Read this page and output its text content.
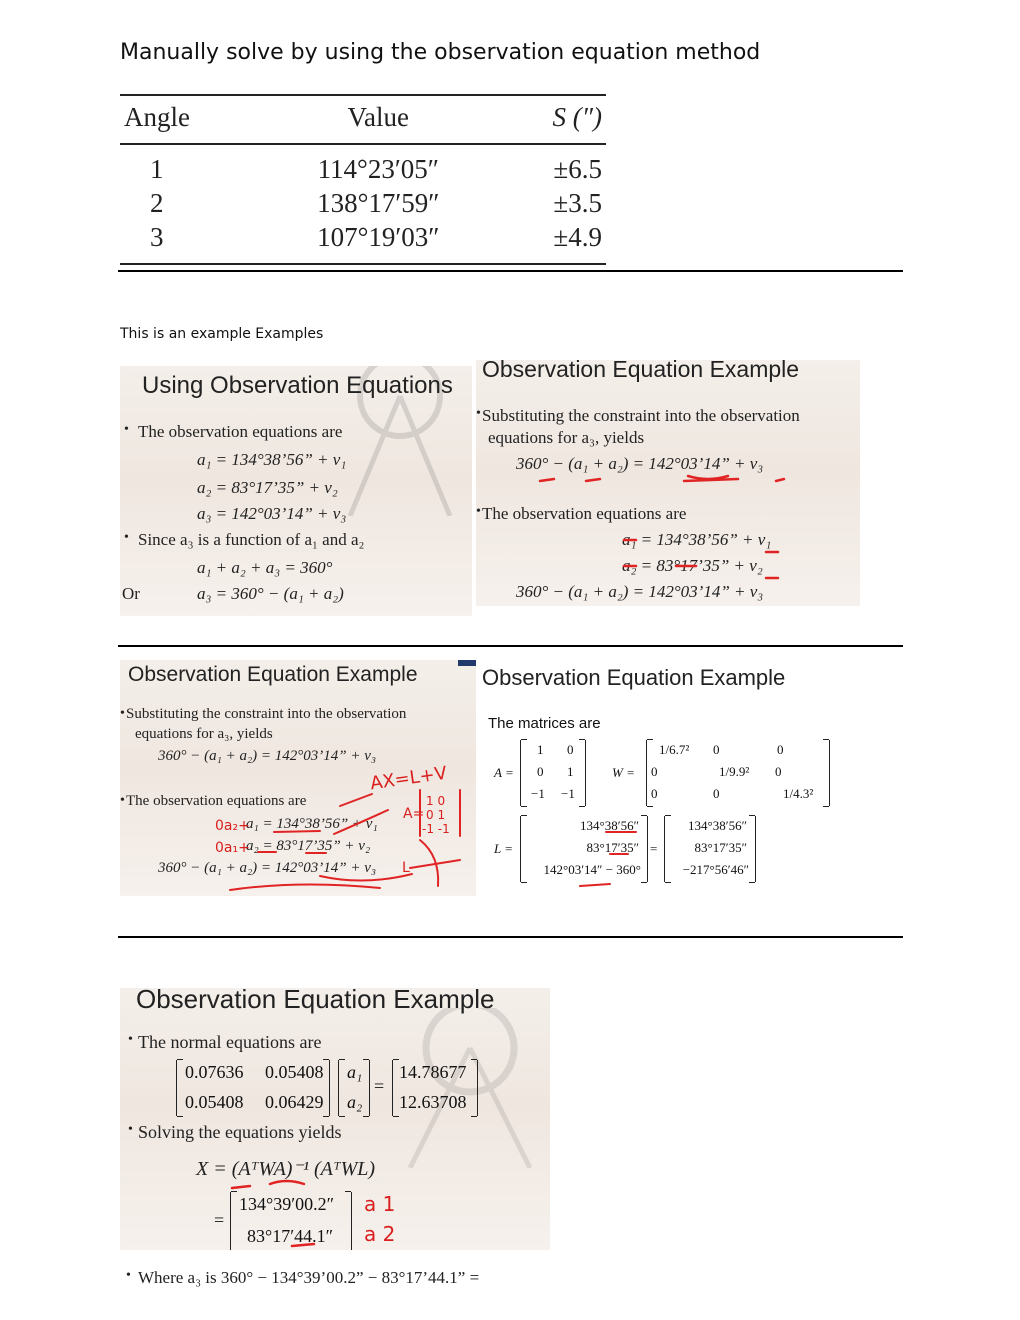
Manually solve by using the observation equation method
Angle	Value	S (″)
1	114°23′05″	±6.5
2	138°17′59″	±3.5
3	107°19′03″	±4.9
This is an example Examples
Using Observation Equations
• The observation equations are
a₁ = 134°38’56” + v₁
a₂ = 83°17’35” + v₂
a₃ = 142°03’14” + v₃
• Since a₃ is a function of a₁ and a₂
a₁ + a₂ + a₃ = 360°
Or	a₃ = 360° − (a₁ + a₂)
Observation Equation Example
• Substituting the constraint into the observation
equations for a₃, yields
360° − (a₁ + a₂) = 142°03’14” + v₃
• The observation equations are
a₁ = 134°38’56” + v₁
a₂ = 83°17’35” + v₂
360° − (a₁ + a₂) = 142°03’14” + v₃
Observation Equation Example
• Substituting the constraint into the observation
equations for a₃, yields
360° − (a₁ + a₂) = 142°03’14” + v₃
• The observation equations are
a₁ = 134°38’56” + v₁
a₂ = 83°17’35” + v₂
360° − (a₁ + a₂) = 142°03’14” + v₃
AX=L+V
A=
1 0
0 1
-1 -1
0a₂+
0a₁+
L
Observation Equation Example
The matrices are
A =
1 0
0 1
−1 −1
W =
1/6.7² 0	0
0	1/9.9² 0
0	0	1/4.3²
L =
134°38′56″
83°17′35″
142°03′14″ − 360°
=
134°38′56″
83°17′35″
−217°56′46″
Observation Equation Example
• The normal equations are
0.07636 0.05408
0.05408 0.06429
a₁
a₂
=
14.78677
12.63708
• Solving the equations yields
X = (AᵀWA)⁻¹ (AᵀWL)
=
134°39′00.2″
83°17′44.1″
a 1
a 2
• Where a₃ is 360° − 134°39’00.2” − 83°17’44.1” =
